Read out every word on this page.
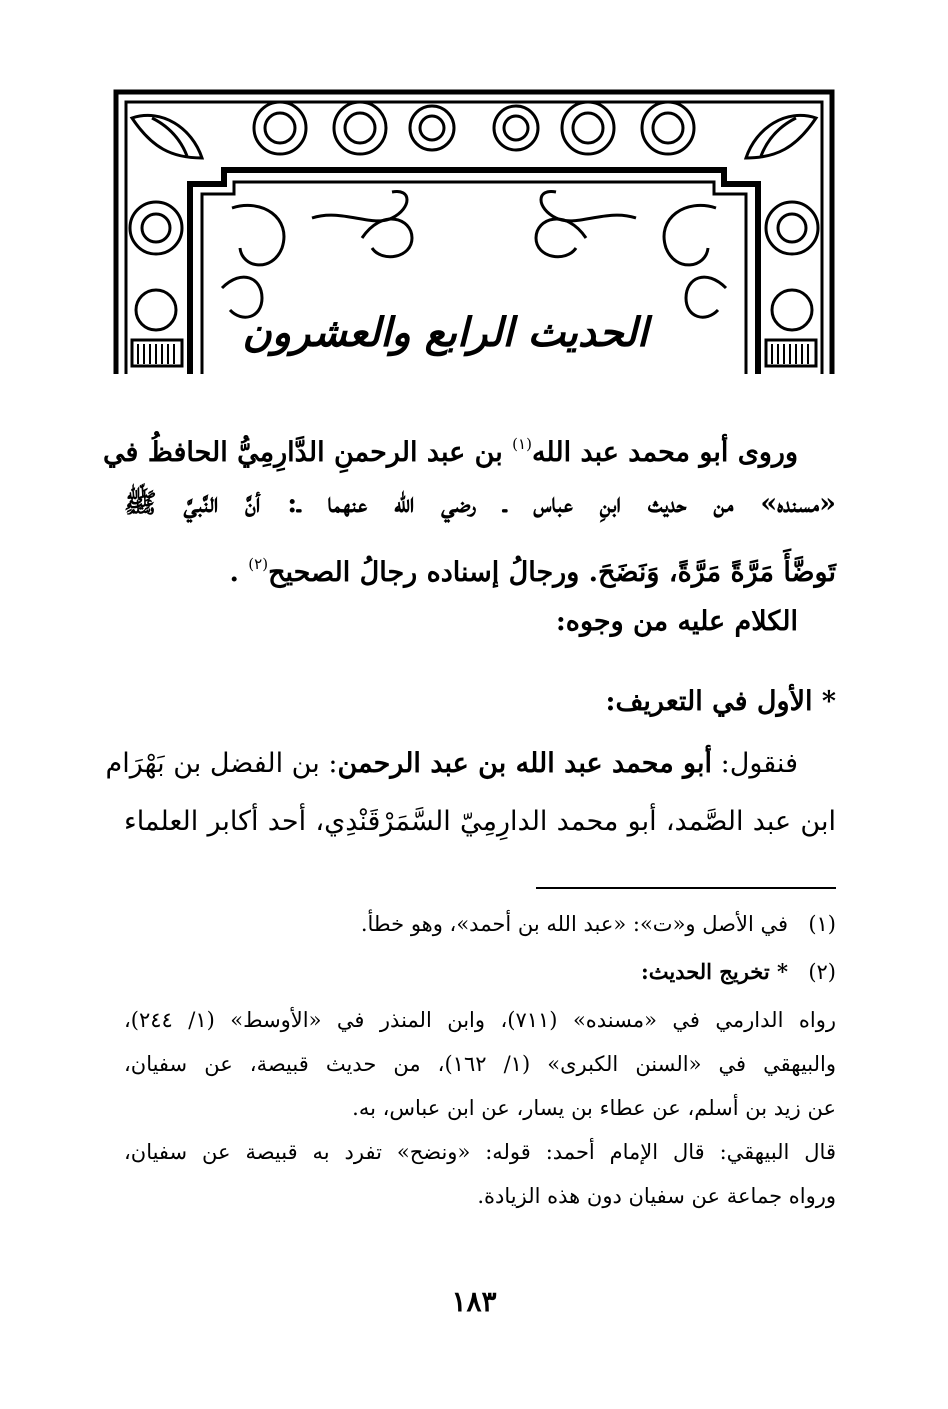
الحديث الرابع والعشرون
وروى أبو محمد عبد الله$^{(١)}$ بن عبد الرحمنِ الدَّارِمِيُّ الحافظُ في
«مسنده» من حديث ابنِ عباس ـ رضي الله عنهما ـ: أنَّ النَّبيَّ ﷺ
تَوضَّأَ مَرَّةً مَرَّةً، وَنَضَحَ. ورجالُ إسناده رجالُ الصحيح$^{(٢)}$ .
الكلام عليه من وجوه:
* الأول في التعريف:
فنقول: أبو محمد عبد الله بن عبد الرحمن: بن الفضل بن بَهْرَام
ابن عبد الصَّمد، أبو محمد الدارِمِيّ السَّمَرْقَنْدِي، أحد أكابر العلماء
(١)
في الأصل و«ت»: «عبد الله بن أحمد»، وهو خطأ.
(٢)
* تخريج الحديث:
رواه الدارمي في «مسنده» (٧١١)، وابن المنذر في «الأوسط» (١/ ٢٤٤)،
والبيهقي في «السنن الكبرى» (١/ ١٦٢)، من حديث قبيصة، عن سفيان،
عن زيد بن أسلم، عن عطاء بن يسار، عن ابن عباس، به.
قال البيهقي: قال الإمام أحمد: قوله: «ونضح» تفرد به قبيصة عن سفيان،
ورواه جماعة عن سفيان دون هذه الزيادة.
١٨٣
